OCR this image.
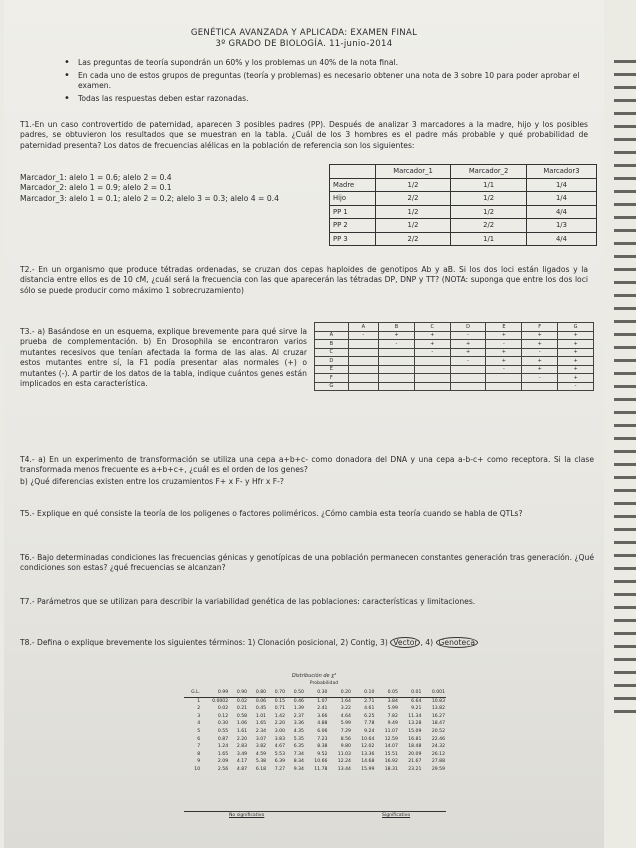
GENÉTICA AVANZADA Y APLICADA: EXAMEN FINAL
3º GRADO DE BIOLOGÍA. 11-junio-2014
• Las preguntas de teoría supondrán un 60% y los problemas un 40% de la nota final.
• En cada uno de estos grupos de preguntas (teoría y problemas) es necesario obtener una nota de 3 sobre 10 para poder aprobar el examen.
• Todas las respuestas deben estar razonadas.
T1.-En un caso controvertido de paternidad, aparecen 3 posibles padres (PP). Después de analizar 3 marcadores a la madre, hijo y los posibles padres, se obtuvieron los resultados que se muestran en la tabla. ¿Cuál de los 3 hombres es el padre más probable y qué probabilidad de paternidad presenta? Los datos de frecuencias alélicas en la población de referencia son los siguientes:
Marcador_1: alelo 1 = 0.6; alelo 2 = 0.4
Marcador_2: alelo 1 = 0.9; alelo 2 = 0.1
Marcador_3: alelo 1 = 0.1; alelo 2 = 0.2; alelo 3 = 0.3; alelo 4 = 0.4
	Marcador_1	Marcador_2	Marcador3
Madre	1/2	1/1	1/4
Hijo	2/2	1/2	1/4
PP 1	1/2	1/2	4/4
PP 2	1/2	2/2	1/3
PP 3	2/2	1/1	4/4
T2.- En un organismo que produce tétradas ordenadas, se cruzan dos cepas haploides de genotipos Ab y aB. Si los dos loci están ligados y la distancia entre ellos es de 10 cM, ¿cuál será la frecuencia con las que aparecerán las tétradas DP, DNP y TT? (NOTA: suponga que entre los dos loci sólo se puede producir como máximo 1 sobrecruzamiento)
T3.- a) Basándose en un esquema, explique brevemente para qué sirve la prueba de complementación. b) En Drosophila se encontraron varios mutantes recesivos que tenían afectada la forma de las alas. Al cruzar estos mutantes entre sí, la F1 podía presentar alas normales (+) o mutantes (-). A partir de los datos de la tabla, indique cuántos genes están implicados en esta característica.
	A	B	C	D	E	F	G
A	-	+	+	-	+	+	+
B		-	+	+	-	+	+
C			-	+	+	-	+
D				-	+	+	+
E					-	+	+
F						-	+
G							-
T4.- a) En un experimento de transformación se utiliza una cepa a+b+c- como donadora del DNA y una cepa a-b-c+ como receptora. Si la clase transformada menos frecuente es a+b+c+, ¿cuál es el orden de los genes?
b) ¿Qué diferencias existen entre los cruzamientos F+ x F- y Hfr x F-?
T5.- Explique en qué consiste la teoría de los poligenes o factores poliméricos. ¿Cómo cambia esta teoría cuando se habla de QTLs?
T6.- Bajo determinadas condiciones las frecuencias génicas y genotípicas de una población permanecen constantes generación tras generación. ¿Qué condiciones son estas? ¿qué frecuencias se alcanzan?
T7.- Parámetros que se utilizan para describir la variabilidad genética de las poblaciones: características y limitaciones.
T8.- Defina o explique brevemente los siguientes términos: 1) Clonación posicional, 2) Contig, 3) Vector , 4) Genoteca
Distribución de χ²
Probabilidad
G.L.	0.99	0.90	0.80	0.70	0.50	0.30	0.20	0.10	0.05	0.01	0.001
1	0.0002	0.02	0.06	0.15	0.46	1.07	1.64	2.71	3.84	6.64	10.83
2	0.02	0.21	0.45	0.71	1.39	2.41	3.22	4.61	5.99	9.21	13.82
3	0.12	0.58	1.01	1.42	2.37	3.66	4.64	6.25	7.82	11.34	16.27
4	0.30	1.06	1.65	2.20	3.36	4.88	5.99	7.78	9.49	13.28	18.47
5	0.55	1.61	2.34	3.00	4.35	6.06	7.29	9.24	11.07	15.09	20.52
6	0.87	2.20	3.07	3.83	5.35	7.23	8.56	10.64	12.59	16.81	22.46
7	1.24	2.83	3.82	4.67	6.35	8.38	9.80	12.02	14.07	18.48	24.32
8	1.65	3.49	4.59	5.53	7.34	9.52	11.03	13.36	15.51	20.09	26.12
9	2.09	4.17	5.38	6.39	8.34	10.66	12.24	14.68	16.92	21.67	27.88
10	2.56	4.87	6.18	7.27	9.34	11.78	13.44	15.99	18.31	23.21	29.59
No significativo	Significativo
